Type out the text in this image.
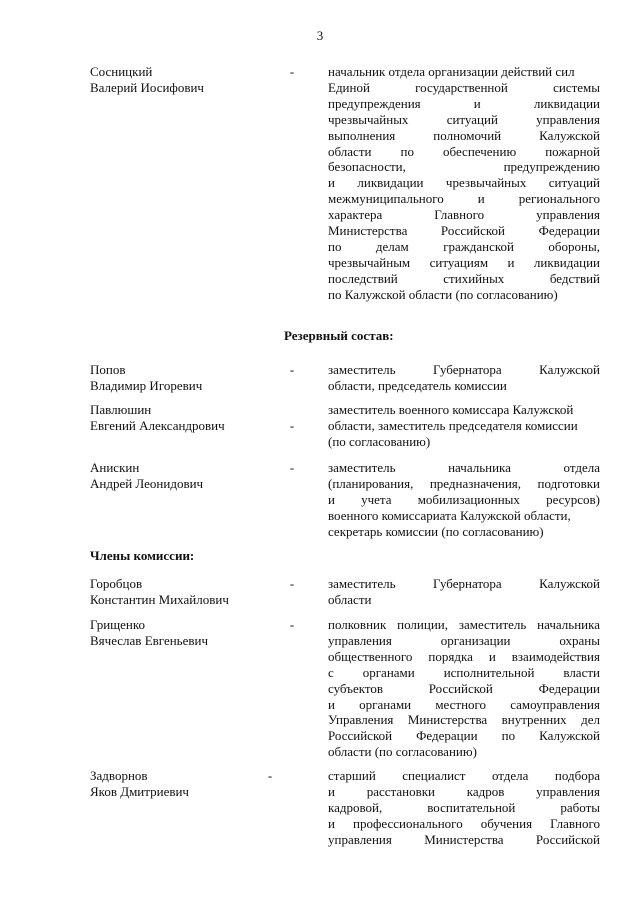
3
Сосницкий
Валерий Иосифович
-	начальник отдела организации действий сил
Единой государственной системы
предупреждения и ликвидации
чрезвычайных ситуаций управления
выполнения полномочий Калужской
области по обеспечению пожарной
безопасности, предупреждению
и ликвидации чрезвычайных ситуаций
межмуниципального и регионального
характера Главного управления
Министерства Российской Федерации
по делам гражданской обороны,
чрезвычайным ситуациям и ликвидации
последствий стихийных бедствий
по Калужской области (по согласованию)
Резервный состав:
Попов
Владимир Игоревич
-	заместитель Губернатора Калужской
области, председатель комиссии
Павлюшин
Евгений Александрович	-
заместитель военного комиссара Калужской
области, заместитель председателя комиссии
(по согласованию)
Анискин
Андрей Леонидович
-	заместитель начальника отдела
(планирования, предназначения, подготовки
и учета мобилизационных ресурсов)
военного комиссариата Калужской области,
секретарь комиссии (по согласованию)
Члены комиссии:
Горобцов
Константин Михайлович
-	заместитель Губернатора Калужской
области
Грищенко
Вячеслав Евгеньевич
-	полковник полиции, заместитель начальника
управления организации охраны
общественного порядка и взаимодействия
с органами исполнительной власти
субъектов Российской Федерации
и органами местного самоуправления
Управления Министерства внутренних дел
Российской Федерации по Калужской
области (по согласованию)
Задворнов
Яков Дмитриевич
-	старший специалист отдела подбора
и расстановки кадров управления
кадровой, воспитательной работы
и профессионального обучения Главного
управления Министерства Российской
